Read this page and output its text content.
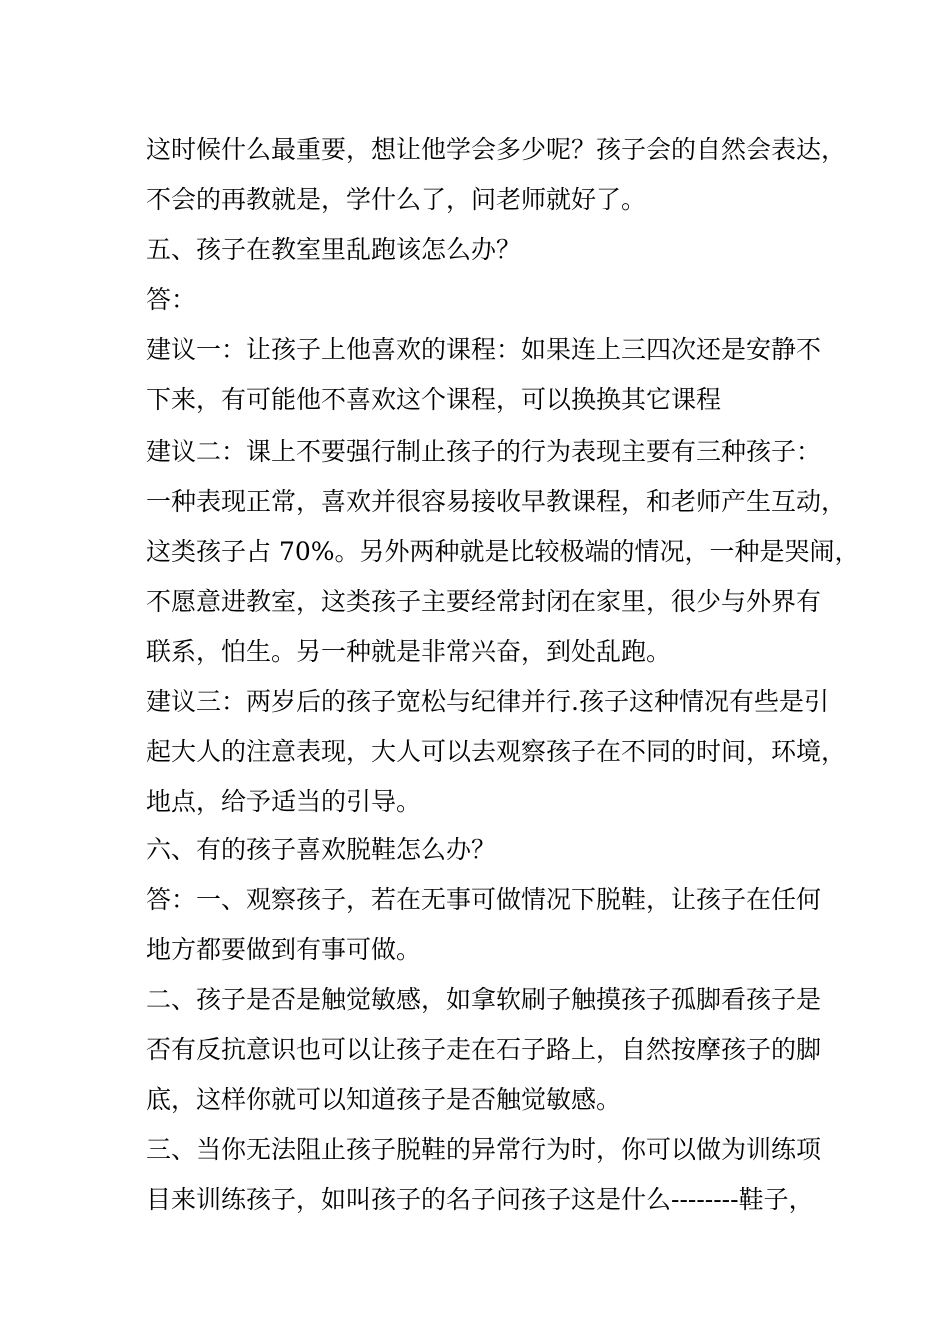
这时候什么最重要，想让他学会多少呢？孩子会的自然会表达，
不会的再教就是，学什么了，问老师就好了。
五、孩子在教室里乱跑该怎么办？
答：
建议一：让孩子上他喜欢的课程：如果连上三四次还是安静不
下来，有可能他不喜欢这个课程，可以换换其它课程
建议二：课上不要强行制止孩子的行为表现主要有三种孩子：
一种表现正常，喜欢并很容易接收早教课程，和老师产生互动，
这类孩子占 70%。另外两种就是比较极端的情况，一种是哭闹，
不愿意进教室，这类孩子主要经常封闭在家里，很少与外界有
联系，怕生。另一种就是非常兴奋，到处乱跑。
建议三：两岁后的孩子宽松与纪律并行.孩子这种情况有些是引
起大人的注意表现，大人可以去观察孩子在不同的时间，环境，
地点，给予适当的引导。
六、有的孩子喜欢脱鞋怎么办？
答：一、观察孩子，若在无事可做情况下脱鞋，让孩子在任何
地方都要做到有事可做。
二、孩子是否是触觉敏感，如拿软刷子触摸孩子孤脚看孩子是
否有反抗意识也可以让孩子走在石子路上，自然按摩孩子的脚
底，这样你就可以知道孩子是否触觉敏感。
三、当你无法阻止孩子脱鞋的异常行为时，你可以做为训练项
目来训练孩子，如叫孩子的名子问孩子这是什么--------鞋子，
